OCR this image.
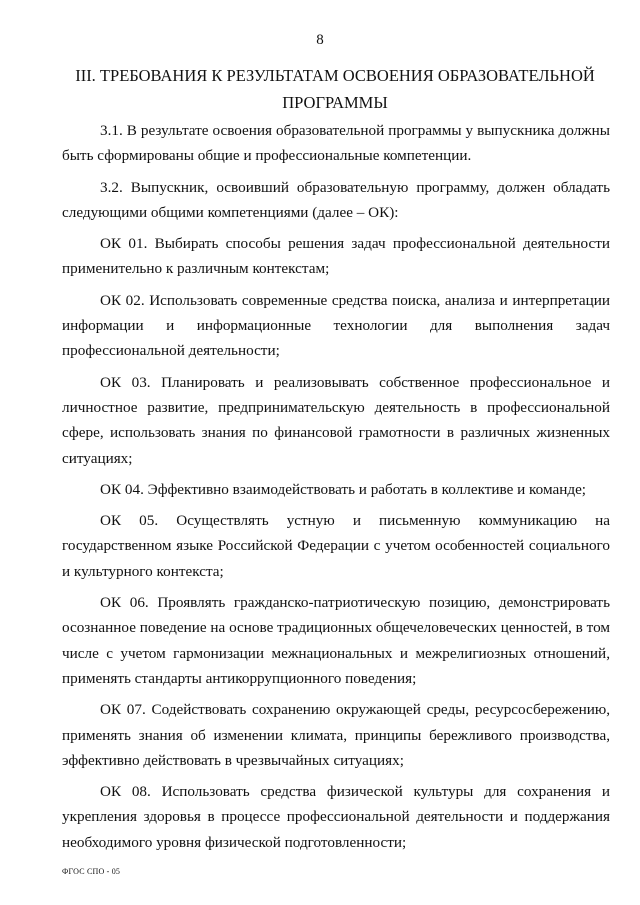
8
III. ТРЕБОВАНИЯ К РЕЗУЛЬТАТАМ ОСВОЕНИЯ ОБРАЗОВАТЕЛЬНОЙ ПРОГРАММЫ

3.1. В результате освоения образовательной программы у выпускника должны быть сформированы общие и профессиональные компетенции.

3.2. Выпускник, освоивший образовательную программу, должен обладать следующими общими компетенциями (далее – ОК):

ОК 01. Выбирать способы решения задач профессиональной деятельности применительно к различным контекстам;

ОК 02. Использовать современные средства поиска, анализа и интерпретации информации и информационные технологии для выполнения задач профессиональной деятельности;

ОК 03. Планировать и реализовывать собственное профессиональное и личностное развитие, предпринимательскую деятельность в профессиональной сфере, использовать знания по финансовой грамотности в различных жизненных ситуациях;

ОК 04. Эффективно взаимодействовать и работать в коллективе и команде;

ОК 05. Осуществлять устную и письменную коммуникацию на государственном языке Российской Федерации с учетом особенностей социального и культурного контекста;

ОК 06. Проявлять гражданско-патриотическую позицию, демонстрировать осознанное поведение на основе традиционных общечеловеческих ценностей, в том числе с учетом гармонизации межнациональных и межрелигиозных отношений, применять стандарты антикоррупционного поведения;

ОК 07. Содействовать сохранению окружающей среды, ресурсосбережению, применять знания об изменении климата, принципы бережливого производства, эффективно действовать в чрезвычайных ситуациях;

ОК 08. Использовать средства физической культуры для сохранения и укрепления здоровья в процессе профессиональной деятельности и поддержания необходимого уровня физической подготовленности;

ФГОС СПО - 05
